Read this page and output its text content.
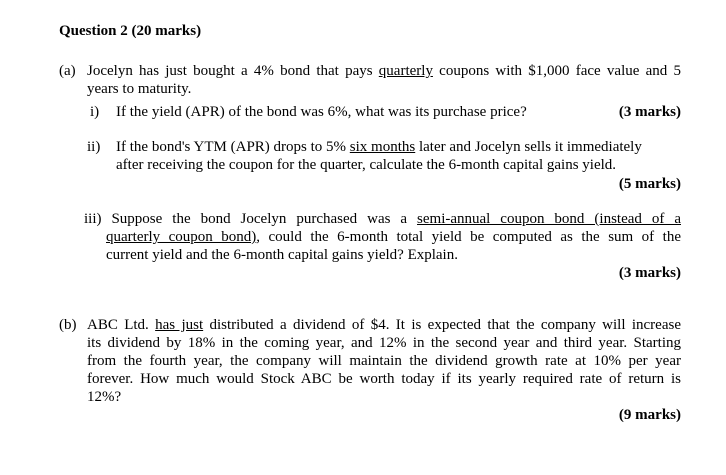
Question 2 (20 marks)
(a) Jocelyn has just bought a 4% bond that pays quarterly coupons with $1,000 face value and 5
years to maturity.
i) If the yield (APR) of the bond was 6%, what was its purchase price?	(3 marks)
ii) If the bond's YTM (APR) drops to 5% six months later and Jocelyn sells it immediately
after receiving the coupon for the quarter, calculate the 6-month capital gains yield.
(5 marks)
iii) Suppose the bond Jocelyn purchased was a semi-annual coupon bond (instead of a
quarterly coupon bond), could the 6-month total yield be computed as the sum of the
current yield and the 6-month capital gains yield? Explain.
(3 marks)
(b) ABC Ltd. has just distributed a dividend of $4. It is expected that the company will increase
its dividend by 18% in the coming year, and 12% in the second year and third year. Starting
from the fourth year, the company will maintain the dividend growth rate at 10% per year
forever. How much would Stock ABC be worth today if its yearly required rate of return is
12%?
(9 marks)
